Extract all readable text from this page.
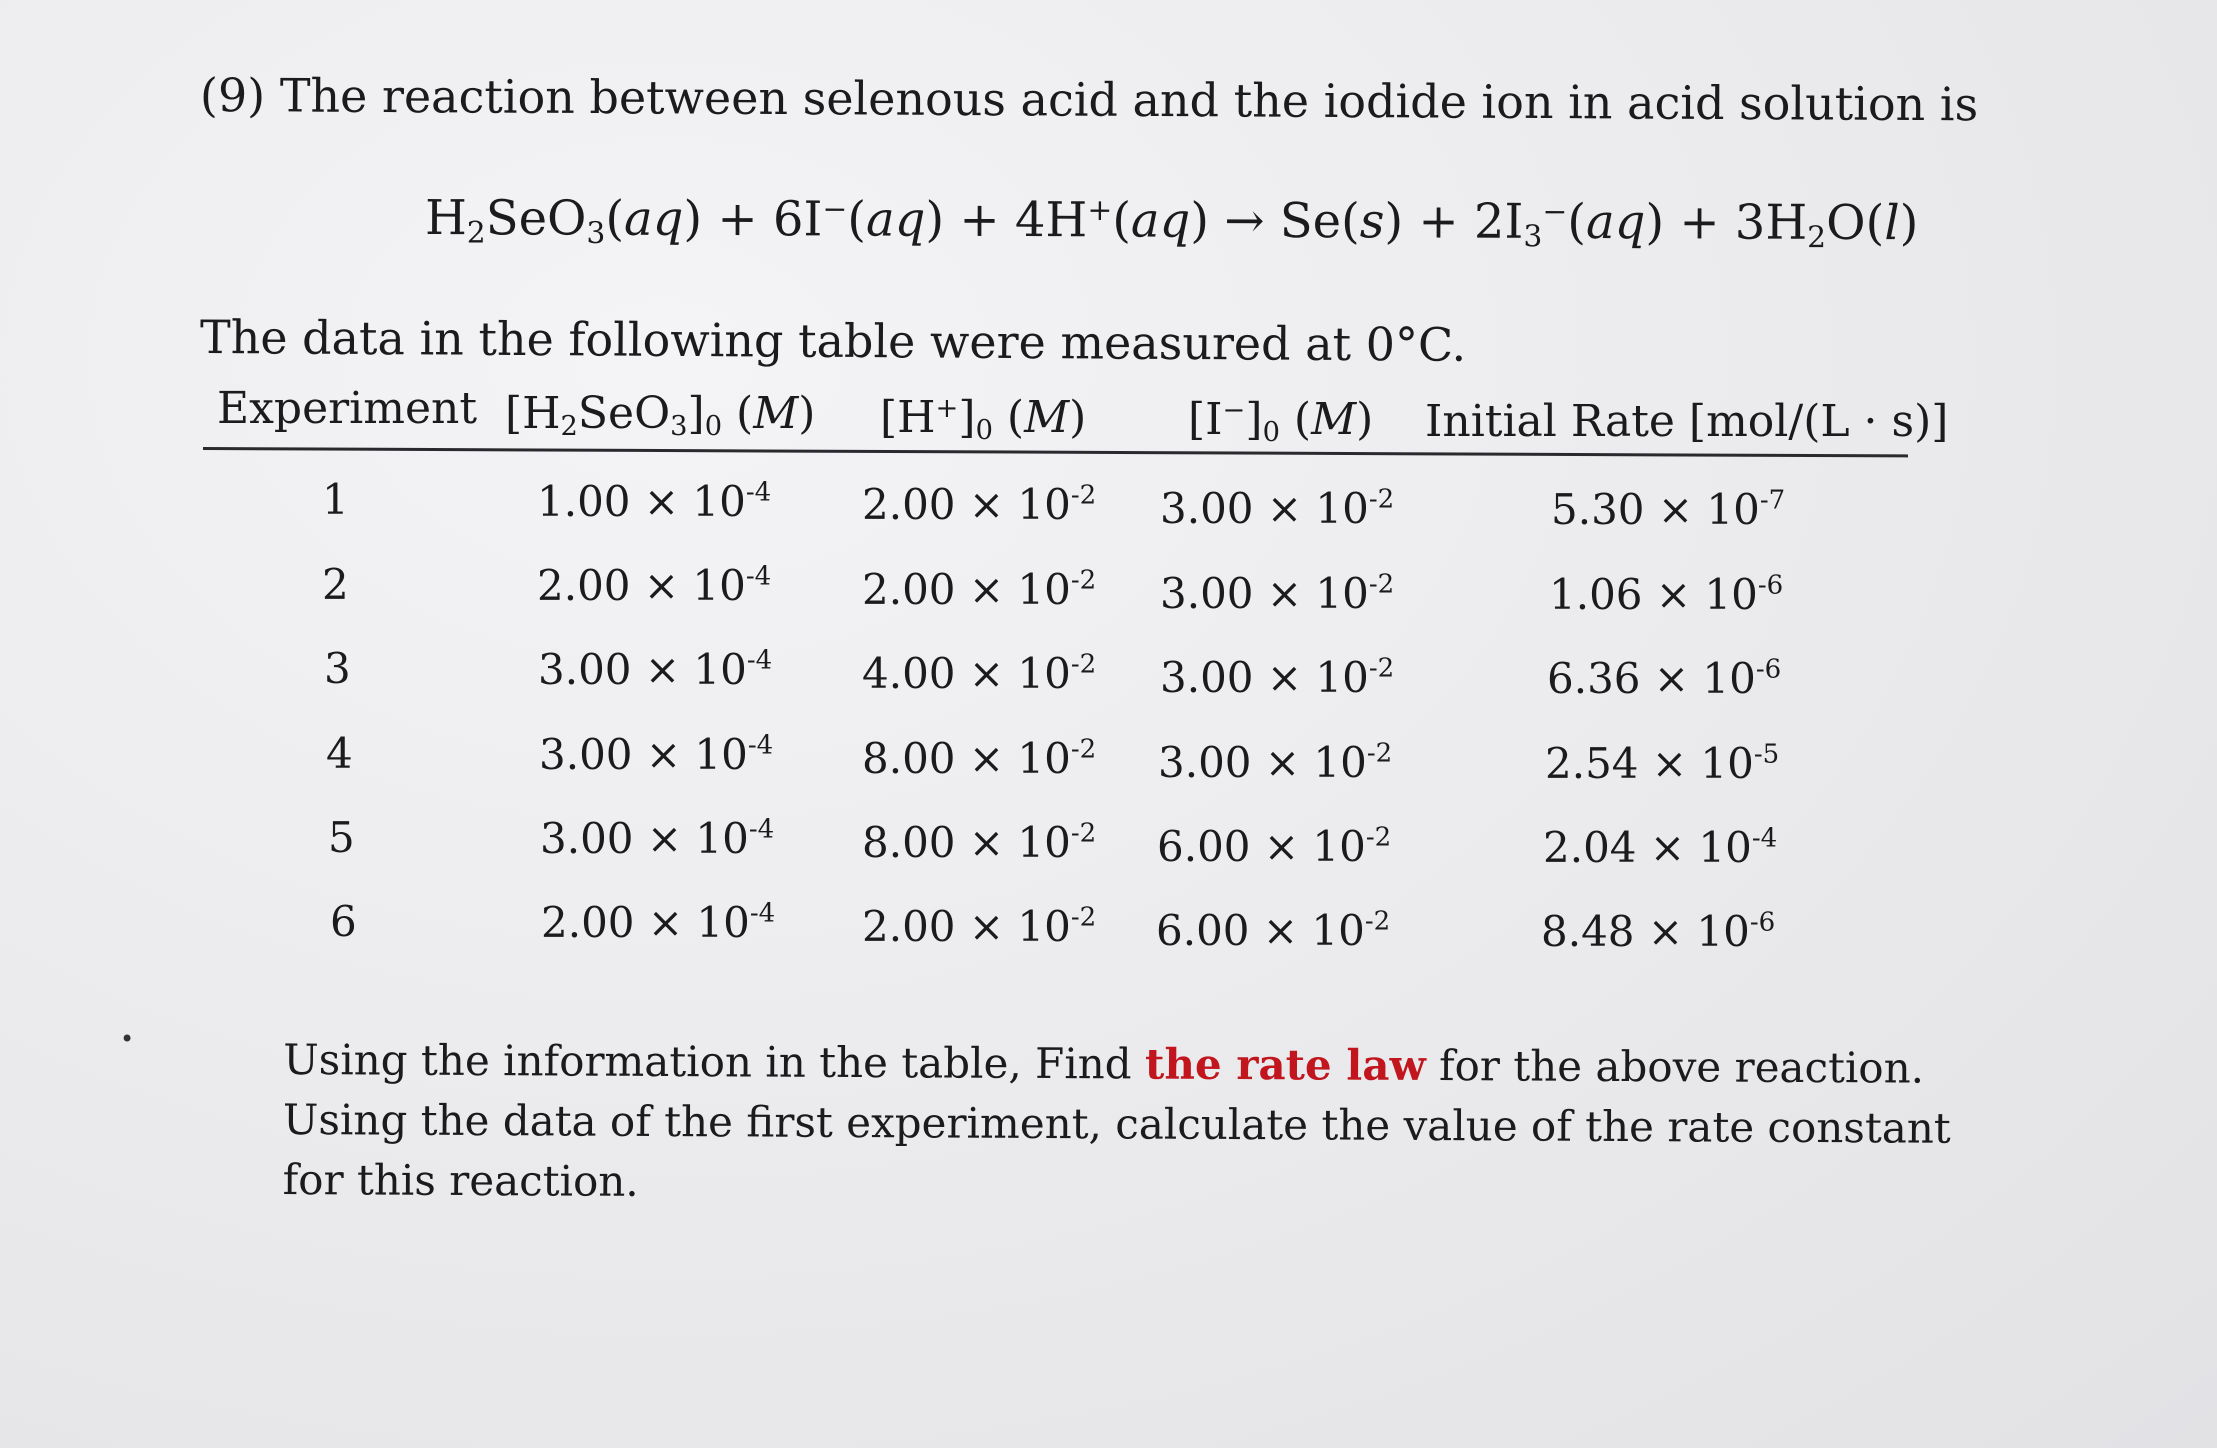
(9) The reaction between selenous acid and the iodide ion in acid solution is
$H_2SeO_3(aq) + 6I^-(aq) + 4H^+(aq) \to Se(s) + 2I_3^-(aq) + 3H_2O(l)$
The data in the following table were measured at 0°C.
Experiment $[H_2SeO_3]_0$ (M) $[H^+]_0$ (M) $[I^-]_0$ (M) Initial Rate [mol/(L · s)]
1	$1.00 \times 10^{-4}$ $2.00 \times 10^{-2}$ $3.00 \times 10^{-2}$	$5.30 \times 10^{-7}$
2	$2.00 \times 10^{-4}$ $2.00 \times 10^{-2}$ $3.00 \times 10^{-2}$	$1.06 \times 10^{-6}$
3	$3.00 \times 10^{-4}$ $4.00 \times 10^{-2}$ $3.00 \times 10^{-2}$	$6.36 \times 10^{-6}$
4	$3.00 \times 10^{-4}$ $8.00 \times 10^{-2}$ $3.00 \times 10^{-2}$	$2.54 \times 10^{-5}$
5	$3.00 \times 10^{-4}$ $8.00 \times 10^{-2}$ $6.00 \times 10^{-2}$	$2.04 \times 10^{-4}$
6	$2.00 \times 10^{-4}$ $2.00 \times 10^{-2}$ $6.00 \times 10^{-2}$	$8.48 \times 10^{-6}$
•	Using the information in the table, Find the rate law for the above reaction. Using the data of the first experiment, calculate the value of the rate constant for this reaction.
